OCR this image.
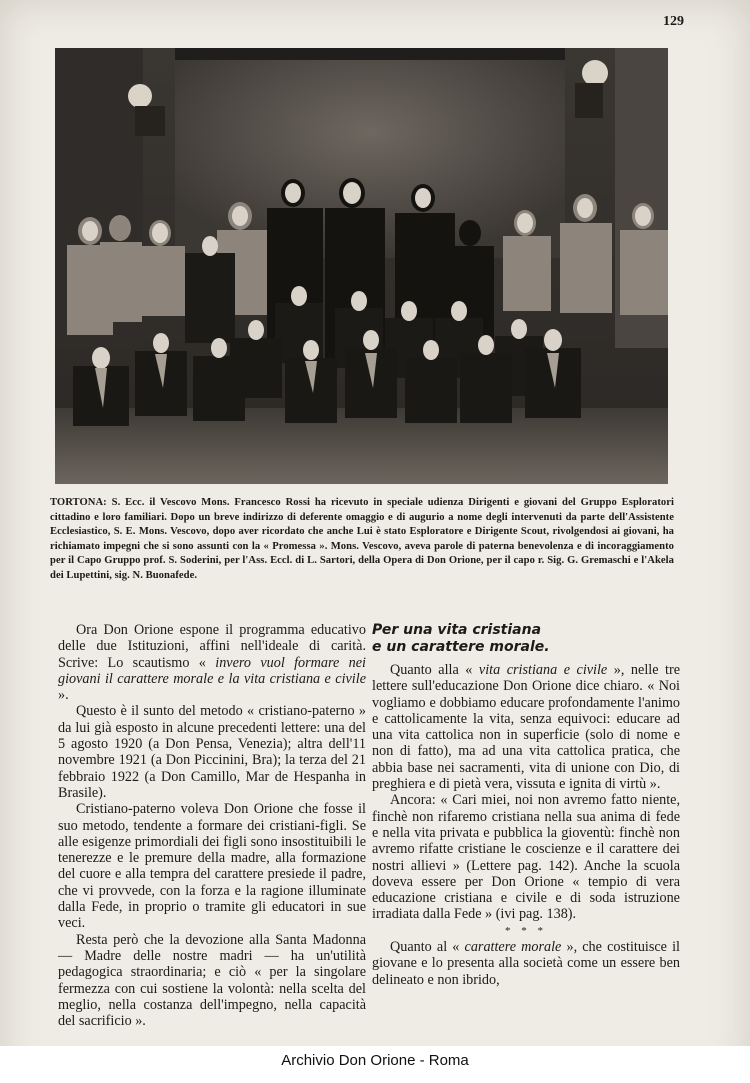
129
TORTONA: S. Ecc. il Vescovo Mons. Francesco Rossi ha ricevuto in speciale udienza Dirigenti e giovani del Gruppo Esploratori cittadino e loro familiari. Dopo un breve indirizzo di deferente omaggio e di augurio a nome degli intervenuti da parte dell'Assistente Ecclesiastico, S. E. Mons. Vescovo, dopo aver ricordato che anche Lui è stato Esploratore e Dirigente Scout, rivolgendosi ai giovani, ha richiamato impegni che si sono assunti con la « Promessa ». Mons. Vescovo, aveva parole di paterna benevolenza e di incoraggiamento per il Capo Gruppo prof. S. Soderini, per l'Ass. Eccl. di L. Sartori, della Opera di Don Orione, per il capo r. Sig. G. Gremaschi e l'Akela dei Lupettini, sig. N. Buonafede.

Ora Don Orione espone il programma educativo delle due Istituzioni, affini nell'ideale di carità. Scrive: Lo scautismo « invero vuol formare nei giovani il carattere morale e la vita cristiana e civile ».

Questo è il sunto del metodo « cristiano-paterno » da lui già esposto in alcune precedenti lettere: una del 5 agosto 1920 (a Don Pensa, Venezia); altra dell'11 novembre 1921 (a Don Piccinini, Bra); la terza del 21 febbraio 1922 (a Don Camillo, Mar de Hespanha in Brasile).

Cristiano-paterno voleva Don Orione che fosse il suo metodo, tendente a formare dei cristiani-figli. Se alle esigenze primordiali dei figli sono insostituibili le tenerezze e le premure della madre, alla formazione del cuore e alla tempra del carattere presiede il padre, che vi provvede, con la forza e la ragione illuminate dalla Fede, in proprio o tramite gli educatori in sue veci.

Resta però che la devozione alla Santa Madonna — Madre delle nostre madri — ha un'utilità pedagogica straordinaria; e ciò « per la singolare fermezza con cui sostiene la volontà: nella scelta del meglio, nella costanza dell'impegno, nella capacità del sacrificio ».

Per una vita cristiana
e un carattere morale.

Quanto alla « vita cristiana e civile », nelle tre lettere sull'educazione Don Orione dice chiaro. « Noi vogliamo e dobbiamo educare profondamente l'animo e cattolicamente la vita, senza equivoci: educare ad una vita cattolica non in superficie (solo di nome e non di fatto), ma ad una vita cattolica pratica, che abbia base nei sacramenti, vita di unione con Dio, di preghiera e di pietà vera, vissuta e ignita di virtù ».

Ancora: « Cari miei, noi non avremo fatto niente, finchè non rifaremo cristiana nella sua anima di fede e nella vita privata e pubblica la gioventù: finchè non avremo rifatte cristiane le coscienze e il carattere dei nostri allievi » (Lettere pag. 142). Anche la scuola doveva essere per Don Orione « tempio di vera educazione cristiana e civile e di soda istruzione irradiata dalla Fede » (ivi pag. 138).

* * *

Quanto al « carattere morale », che costituisce il giovane e lo presenta alla società come un essere ben delineato e non ibrido,

Archivio Don Orione - Roma
